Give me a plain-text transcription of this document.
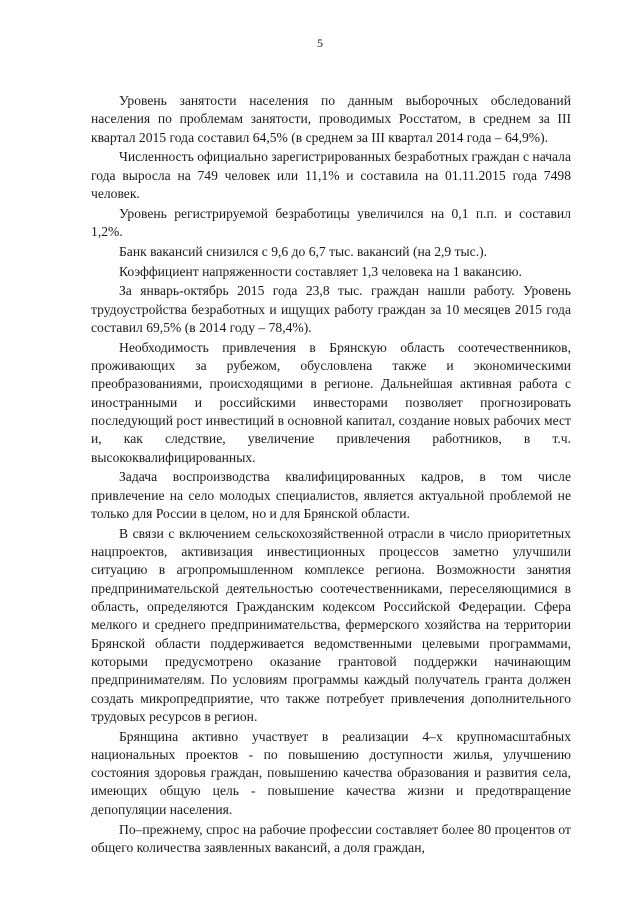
5

Уровень занятости населения по данным выборочных обследований населения по проблемам занятости, проводимых Росстатом, в среднем за III квартал 2015 года составил 64,5% (в среднем за III квартал 2014 года – 64,9%).

Численность официально зарегистрированных безработных граждан с начала года выросла на 749 человек или 11,1% и составила на 01.11.2015 года 7498 человек.

Уровень регистрируемой безработицы увеличился на 0,1 п.п. и составил 1,2%.

Банк вакансий снизился с 9,6 до 6,7 тыс. вакансий (на 2,9 тыс.).

Коэффициент напряженности составляет 1,3 человека на 1 вакансию.

За январь-октябрь 2015 года 23,8 тыс. граждан нашли работу. Уровень трудоустройства безработных и ищущих работу граждан за 10 месяцев 2015 года составил 69,5% (в 2014 году – 78,4%).

Необходимость привлечения в Брянскую область соотечественников, проживающих за рубежом, обусловлена также и экономическими преобразованиями, происходящими в регионе. Дальнейшая активная работа с иностранными и российскими инвесторами позволяет прогнозировать последующий рост инвестиций в основной капитал, создание новых рабочих мест и, как следствие, увеличение привлечения работников, в т.ч. высококвалифицированных.

Задача воспроизводства квалифицированных кадров, в том числе привлечение на село молодых специалистов, является актуальной проблемой не только для России в целом, но и для Брянской области.

В связи с включением сельскохозяйственной отрасли в число приоритетных нацпроектов, активизация инвестиционных процессов заметно улучшили ситуацию в агропромышленном комплексе региона. Возможности занятия предпринимательской деятельностью соотечественниками, переселяющимися в область, определяются Гражданским кодексом Российской Федерации. Сфера мелкого и среднего предпринимательства, фермерского хозяйства на территории Брянской области поддерживается ведомственными целевыми программами, которыми предусмотрено оказание грантовой поддержки начинающим предпринимателям. По условиям программы каждый получатель гранта должен создать микропредприятие, что также потребует привлечения дополнительного трудовых ресурсов в регион.

Брянщина активно участвует в реализации 4–х крупномасштабных национальных проектов - по повышению доступности жилья, улучшению состояния здоровья граждан, повышению качества образования и развития села, имеющих общую цель - повышение качества жизни и предотвращение депопуляции населения.

По–прежнему, спрос на рабочие профессии составляет более 80 процентов от общего количества заявленных вакансий, а доля граждан,
